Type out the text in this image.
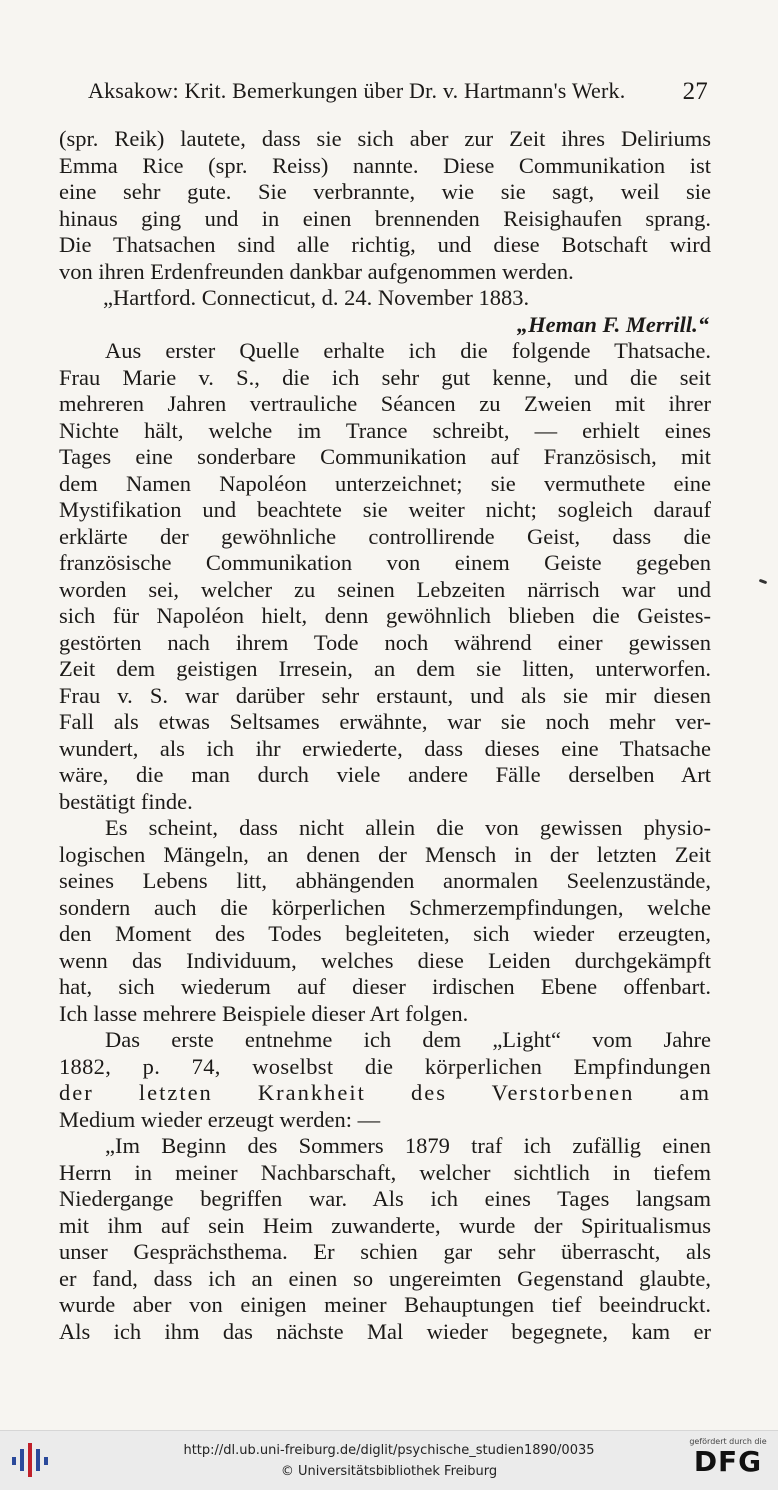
Aksakow: Krit. Bemerkungen über Dr. v. Hartmann's Werk. 27
(spr. Reik) lautete, dass sie sich aber zur Zeit ihres Deliriums
Emma Rice (spr. Reiss) nannte. Diese Communikation ist
eine sehr gute. Sie verbrannte, wie sie sagt, weil sie
hinaus ging und in einen brennenden Reisighaufen sprang.
Die Thatsachen sind alle richtig, und diese Botschaft wird
von ihren Erdenfreunden dankbar aufgenommen werden.
„Hartford. Connecticut, d. 24. November 1883.
„Heman F. Merrill.“
Aus erster Quelle erhalte ich die folgende Thatsache.
Frau Marie v. S., die ich sehr gut kenne, und die seit
mehreren Jahren vertrauliche Séancen zu Zweien mit ihrer
Nichte hält, welche im Trance schreibt, — erhielt eines
Tages eine sonderbare Communikation auf Französisch, mit
dem Namen Napoléon unterzeichnet; sie vermuthete eine
Mystifikation und beachtete sie weiter nicht; sogleich darauf
erklärte der gewöhnliche controllirende Geist, dass die
französische Communikation von einem Geiste gegeben
worden sei, welcher zu seinen Lebzeiten närrisch war und
sich für Napoléon hielt, denn gewöhnlich blieben die Geistes-
gestörten nach ihrem Tode noch während einer gewissen
Zeit dem geistigen Irresein, an dem sie litten, unterworfen.
Frau v. S. war darüber sehr erstaunt, und als sie mir diesen
Fall als etwas Seltsames erwähnte, war sie noch mehr ver-
wundert, als ich ihr erwiederte, dass dieses eine Thatsache
wäre, die man durch viele andere Fälle derselben Art
bestätigt finde.
Es scheint, dass nicht allein die von gewissen physio-
logischen Mängeln, an denen der Mensch in der letzten Zeit
seines Lebens litt, abhängenden anormalen Seelenzustände,
sondern auch die körperlichen Schmerzempfindungen, welche
den Moment des Todes begleiteten, sich wieder erzeugten,
wenn das Individuum, welches diese Leiden durchgekämpft
hat, sich wiederum auf dieser irdischen Ebene offenbart.
Ich lasse mehrere Beispiele dieser Art folgen.
Das erste entnehme ich dem „Light“ vom Jahre
1882, p. 74, woselbst die körperlichen Empfindungen
der letzten Krankheit des Verstorbenen am
Medium wieder erzeugt werden: —
„Im Beginn des Sommers 1879 traf ich zufällig einen
Herrn in meiner Nachbarschaft, welcher sichtlich in tiefem
Niedergange begriffen war. Als ich eines Tages langsam
mit ihm auf sein Heim zuwanderte, wurde der Spiritualismus
unser Gesprächsthema. Er schien gar sehr überrascht, als
er fand, dass ich an einen so ungereimten Gegenstand glaubte,
wurde aber von einigen meiner Behauptungen tief beeindruckt.
Als ich ihm das nächste Mal wieder begegnete, kam er
http://dl.ub.uni-freiburg.de/diglit/psychische_studien1890/0035
© Universitätsbibliothek Freiburg
gefördert durch die
DFG
